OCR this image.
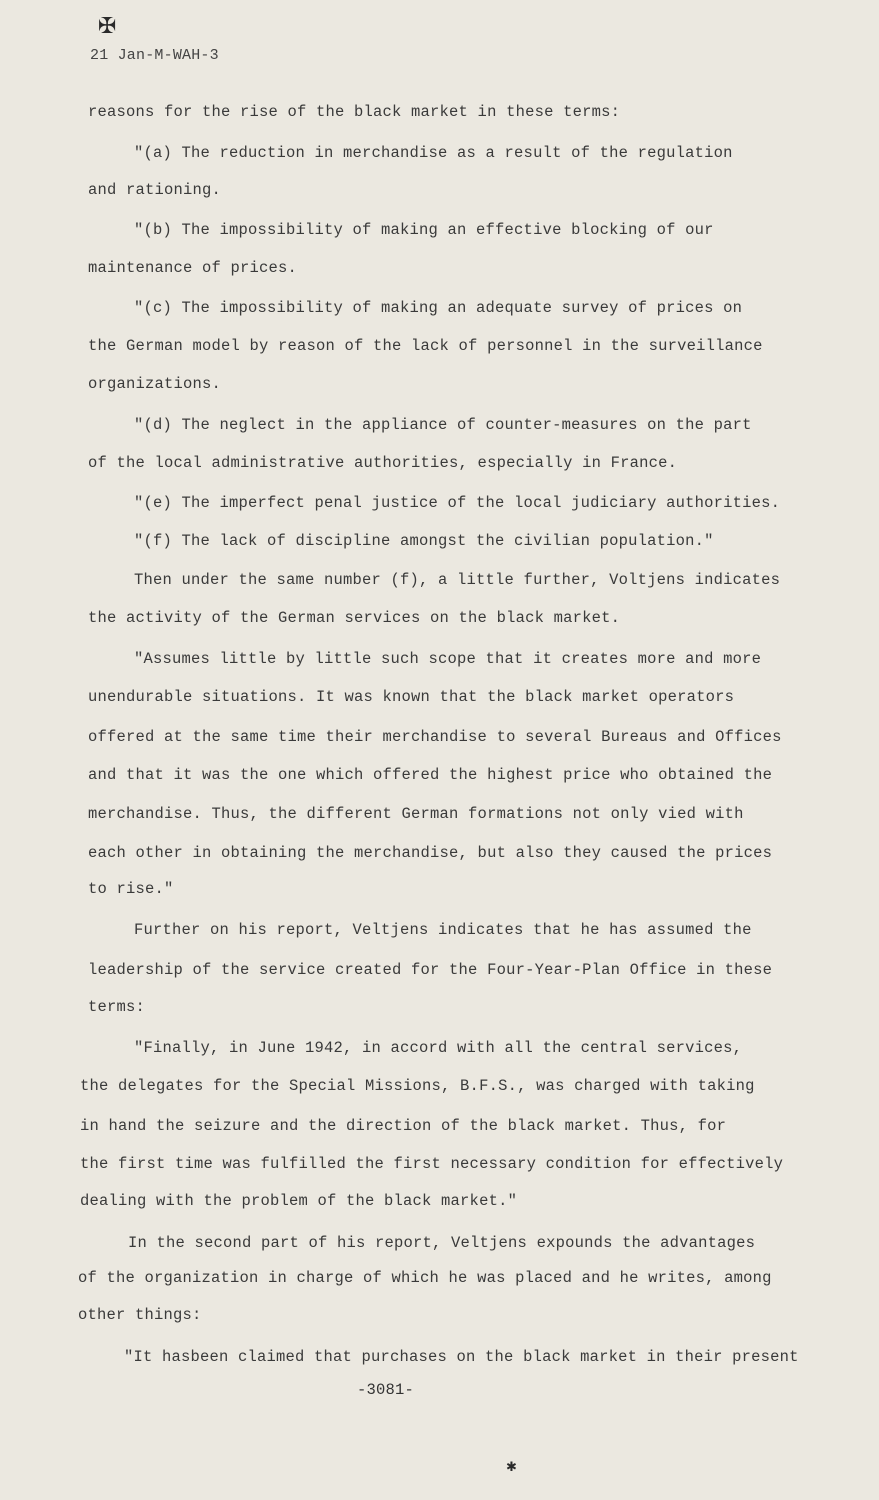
✠
21 Jan-M-WAH-3

reasons for the rise of the black market in these terms:

"(a) The reduction in merchandise as a result of the regulation

and rationing.

"(b) The impossibility of making an effective blocking of our

maintenance of prices.

"(c) The impossibility of making an adequate survey of prices on

the German model by reason of the lack of personnel in the surveillance

organizations.

"(d) The neglect in the appliance of counter-measures on the part

of the local administrative authorities, especially in France.

"(e) The imperfect penal justice of the local judiciary authorities.

"(f) The lack of discipline amongst the civilian population."

Then under the same number (f), a little further, Voltjens indicates

the activity of the German services on the black market.

"Assumes little by little such scope that it creates more and more

unendurable situations. It was known that the black market operators

offered at the same time their merchandise to several Bureaus and Offices

and that it was the one which offered the highest price who obtained the

merchandise. Thus, the different German formations not only vied with

each other in obtaining the merchandise, but also they caused the prices

to rise."

Further on his report, Veltjens indicates that he has assumed the

leadership of the service created for the Four-Year-Plan Office in these

terms:

"Finally, in June 1942, in accord with all the central services,

the delegates for the Special Missions, B.F.S., was charged with taking

in hand the seizure and the direction of the black market. Thus, for

the first time was fulfilled the first necessary condition for effectively

dealing with the problem of the black market."

In the second part of his report, Veltjens expounds the advantages

of the organization in charge of which he was placed and he writes, among

other things:

"It hasbeen claimed that purchases on the black market in their present

-3081-
✱
